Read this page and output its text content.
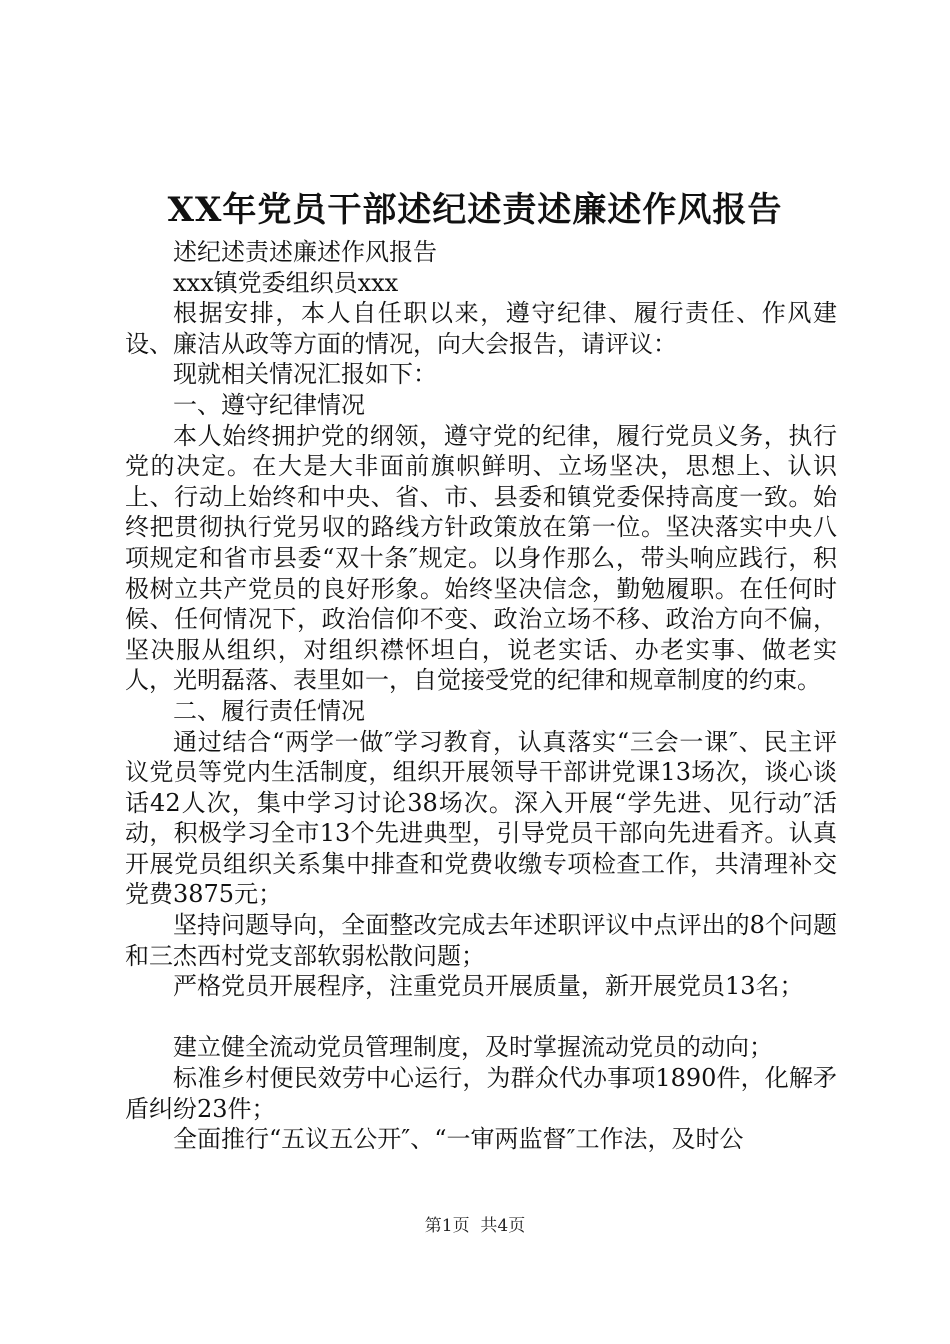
XX年党员干部述纪述责述廉述作风报告

述纪述责述廉述作风报告

xxx镇党委组织员xxx

根据安排，本人自任职以来，遵守纪律、履行责任、作风建设、廉洁从政等方面的情况，向大会报告，请评议：

现就相关情况汇报如下：

一、遵守纪律情况

本人始终拥护党的纲领，遵守党的纪律，履行党员义务，执行党的决定。在大是大非面前旗帜鲜明、立场坚决，思想上、认识上、行动上始终和中央、省、市、县委和镇党委保持高度一致。始终把贯彻执行党另収的路线方针政策放在第一位。坚决落实中央八项规定和省市县委“双十条″规定。以身作那么，带头响应践行，积极树立共产党员的良好形象。始终坚决信念，勤勉履职。在任何时候、任何情况下，政治信仰不变、政治立场不移、政治方向不偏，坚决服从组织，对组织襟怀坦白，说老实话、办老实事、做老实人，光明磊落、表里如一，自觉接受党的纪律和规章制度的约束。

二、履行责任情况

通过结合“两学一做″学习教育，认真落实“三会一课″、民主评议党员等党内生活制度，组织开展领导干部讲党课13场次，谈心谈话42人次，集中学习讨论38场次。深入开展“学先进、见行动″活动，积极学习全市13个先进典型，引导党员干部向先进看齐。认真开展党员组织关系集中排查和党费收缴专项检查工作，共清理补交党费3875元；

坚持问题导向，全面整改完成去年述职评议中点评出的8个问题和三杰西村党支部软弱松散问题；

严格党员开展程序，注重党员开展质量，新开展党员13名；

建立健全流动党员管理制度，及时掌握流动党员的动向；

标准乡村便民效劳中心运行，为群众代办事项1890件，化解矛盾纠纷23件；

全面推行“五议五公开″、“一审两监督″工作法，及时公

第1页 共4页
